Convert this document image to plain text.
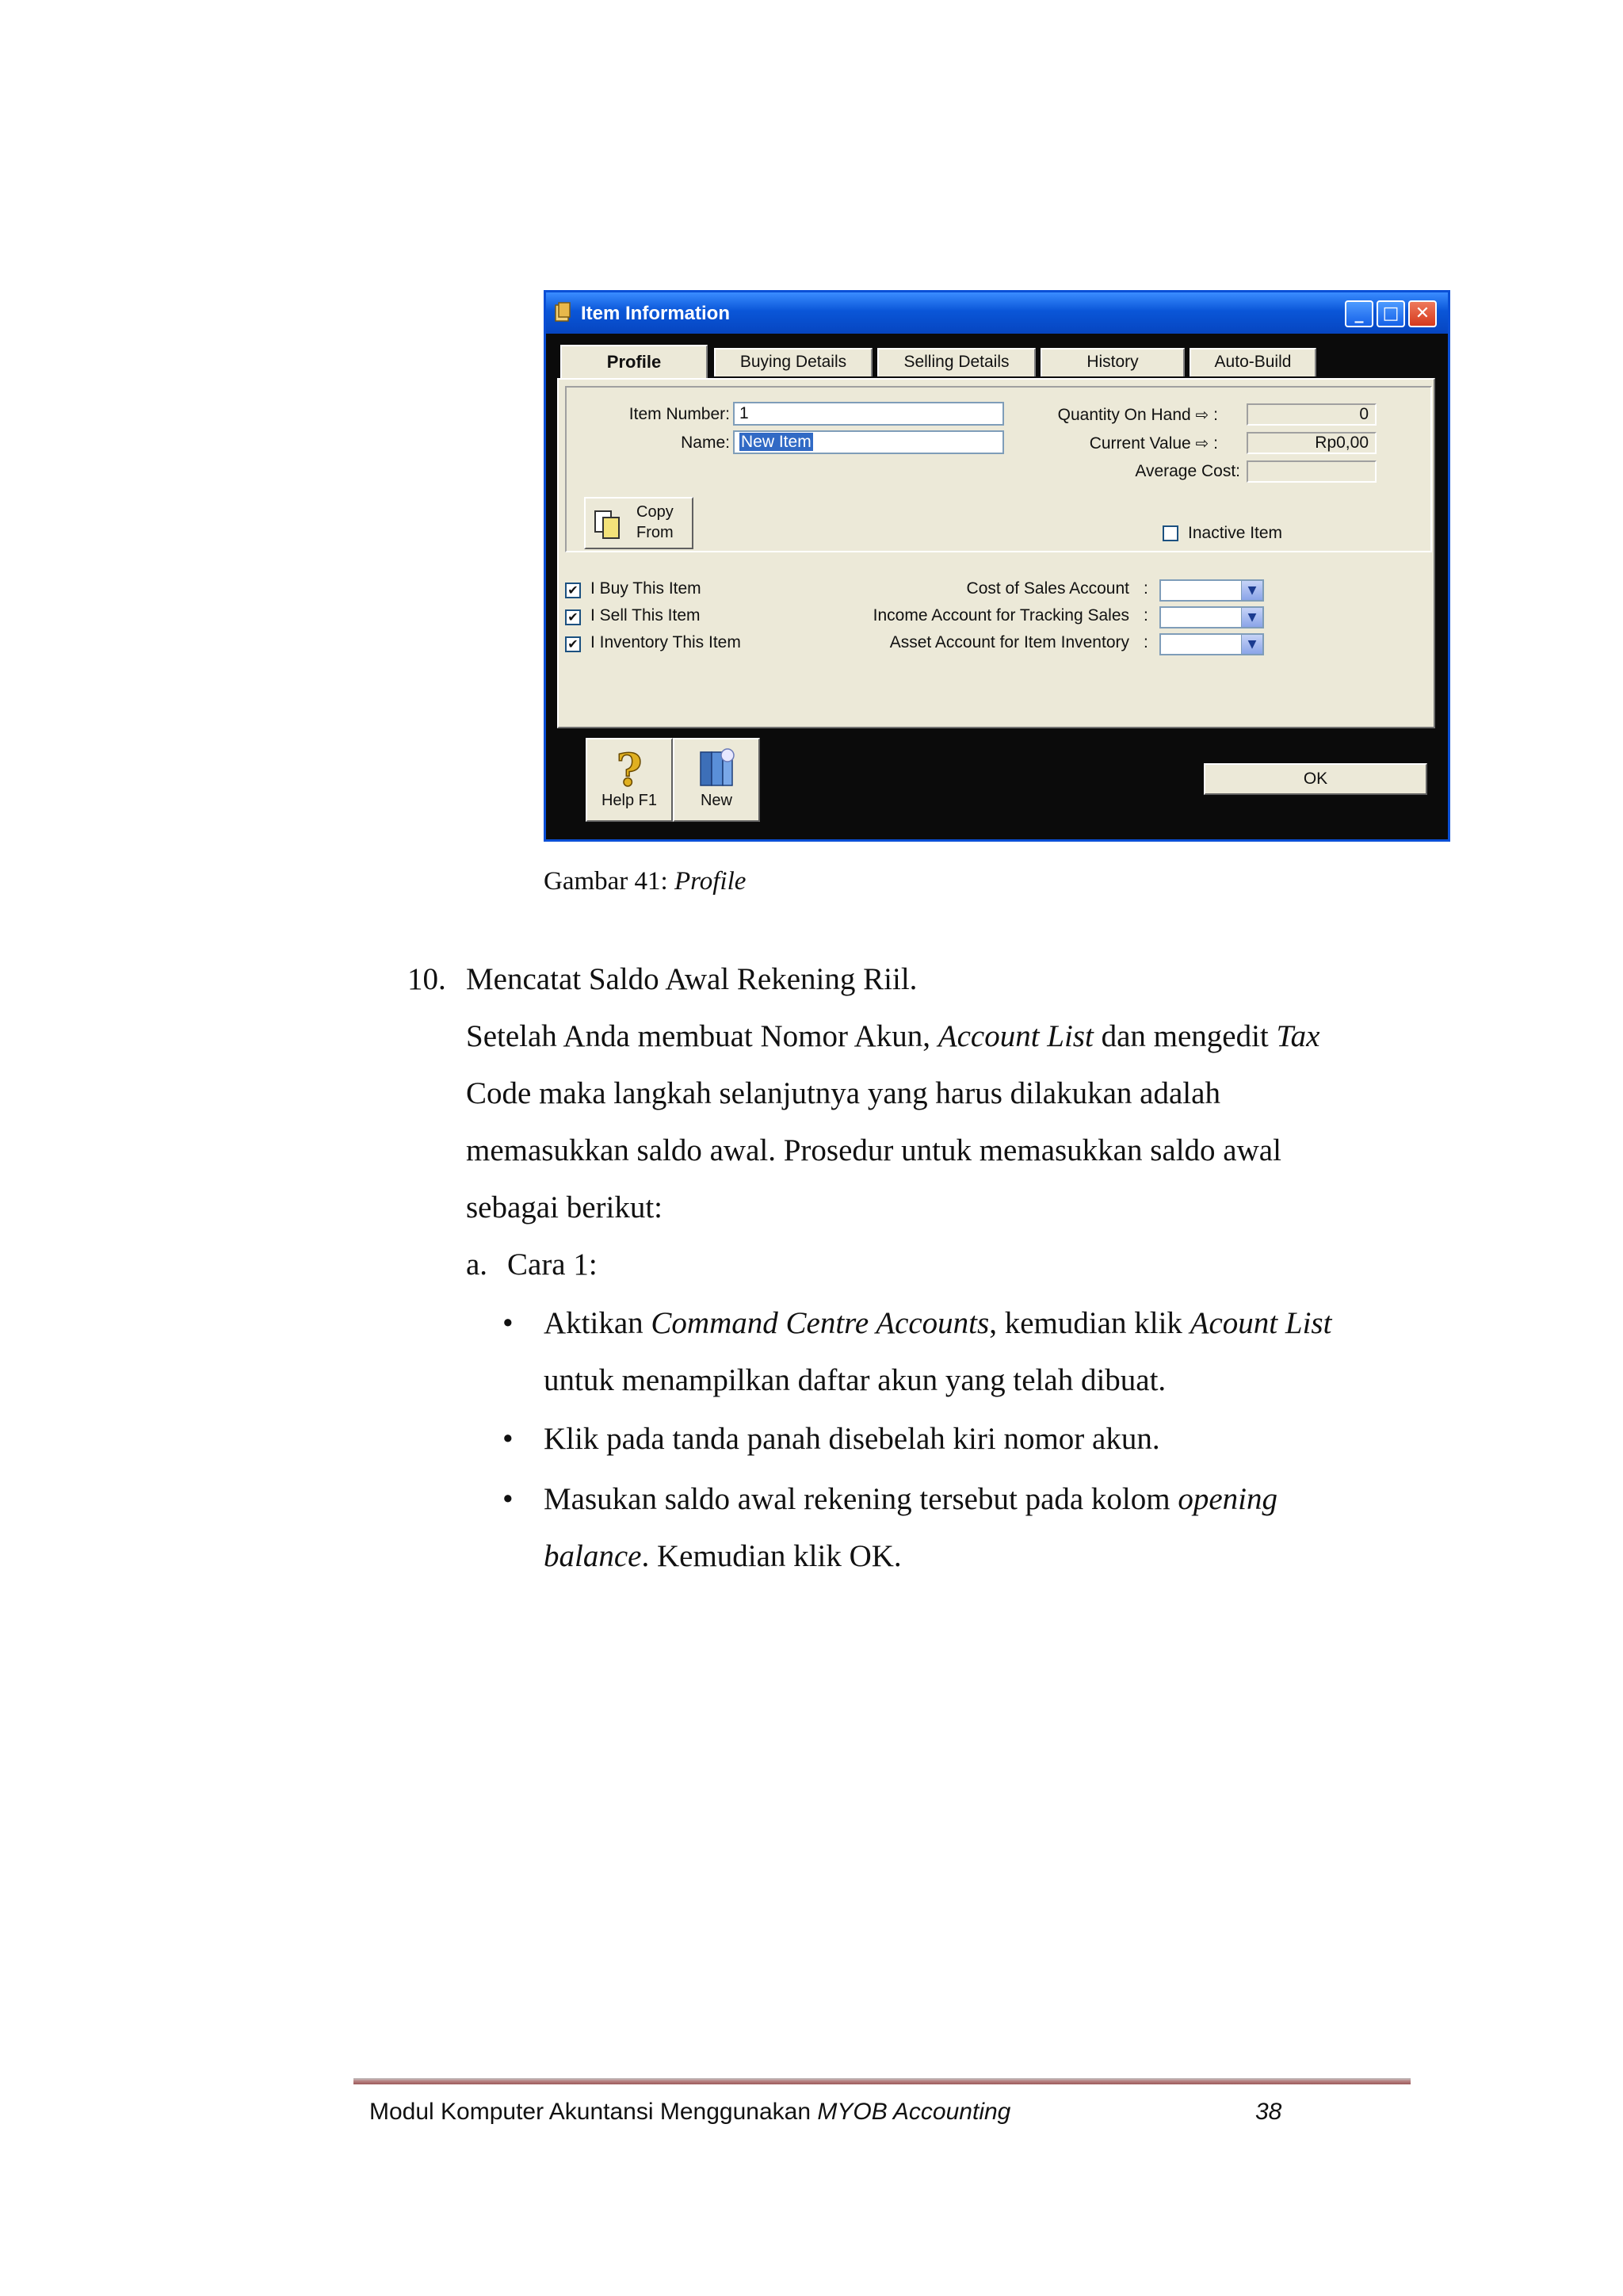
Item Information	_	□ ✕
Profile	Buying Details	Selling Details	History	Auto-Build
Item Number: 1
Name: New Item
Quantity On Hand ⇨ :	0
Current Value ⇨ :	Rp0,00
Average Cost:
Copy
From	Inactive Item
✔ I Buy This Item
✔ I Sell This Item
✔ I Inventory This Item
Cost of Sales Account :	▼
Income Account for Tracking Sales :	▼
Asset Account for Item Inventory :	▼
?
Help F1	New
OK
Gambar 41: Profile
10. Mencatat Saldo Awal Rekening Riil.
Setelah Anda membuat Nomor Akun, Account List dan mengedit Tax
Code maka langkah selanjutnya yang harus dilakukan adalah
memasukkan saldo awal. Prosedur untuk memasukkan saldo awal
sebagai berikut:
a. Cara 1:
• Aktikan Command Centre Accounts, kemudian klik Acount List
untuk menampilkan daftar akun yang telah dibuat.
• Klik pada tanda panah disebelah kiri nomor akun.
• Masukan saldo awal rekening tersebut pada kolom opening
balance. Kemudian klik OK.
Modul Komputer Akuntansi Menggunakan MYOB Accounting	38
